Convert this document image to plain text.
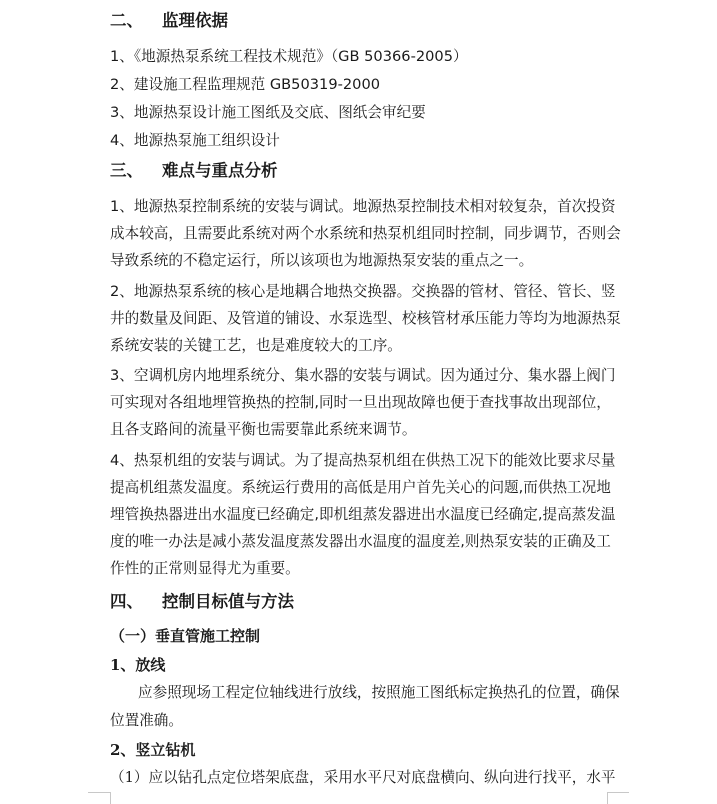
二、 监理依据
1、《地源热泵系统工程技术规范》（GB 50366-2005）
2、建设施工程监理规范 GB50319-2000
3、地源热泵设计施工图纸及交底、图纸会审纪要
4、地源热泵施工组织设计
三、 难点与重点分析
1、地源热泵控制系统的安装与调试。地源热泵控制技术相对较复杂，首次投资
成本较高，且需要此系统对两个水系统和热泵机组同时控制，同步调节，否则会
导致系统的不稳定运行，所以该项也为地源热泵安装的重点之一。
2、地源热泵系统的核心是地耦合地热交换器。交换器的管材、管径、管长、竖
井的数量及间距、及管道的铺设、水泵选型、校核管材承压能力等均为地源热泵
系统安装的关键工艺，也是难度较大的工序。
3、空调机房内地埋系统分、集水器的安装与调试。因为通过分、集水器上阀门
可实现对各组地埋管换热的控制,同时一旦出现故障也便于查找事故出现部位，
且各支路间的流量平衡也需要靠此系统来调节。
4、热泵机组的安装与调试。为了提高热泵机组在供热工况下的能效比要求尽量
提高机组蒸发温度。系统运行费用的高低是用户首先关心的问题,而供热工况地
埋管换热器进出水温度已经确定,即机组蒸发器进出水温度已经确定,提高蒸发温
度的唯一办法是减小蒸发温度蒸发器出水温度的温度差,则热泵安装的正确及工
作性的正常则显得尤为重要。
四、 控制目标值与方法
（一）垂直管施工控制
1、放线
应参照现场工程定位轴线进行放线，按照施工图纸标定换热孔的位置，确保
位置准确。
2、竖立钻机
（1）应以钻孔点定位塔架底盘，采用水平尺对底盘横向、纵向进行找平，水平
